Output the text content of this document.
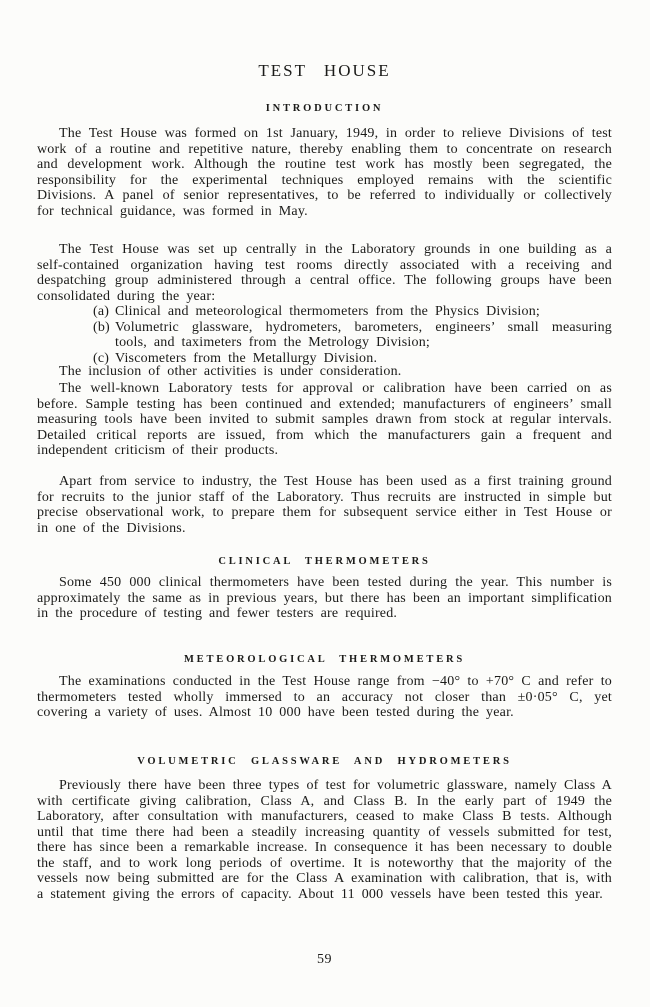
TEST HOUSE
INTRODUCTION

The Test House was formed on 1st January, 1949, in order to relieve Divisions of test work of a routine and repetitive nature, thereby enabling them to concentrate on research and development work. Although the routine test work has mostly been segregated, the responsibility for the experimental techniques employed remains with the scientific Divisions. A panel of senior representatives, to be referred to individually or collectively for technical guidance, was formed in May.

The Test House was set up centrally in the Laboratory grounds in one building as a self-contained organization having test rooms directly associated with a receiving and despatching group administered through a central office. The following groups have been consolidated during the year:

(a) Clinical and meteorological thermometers from the Physics Division;
(b) Volumetric glassware, hydrometers, barometers, engineers’ small measuring tools, and taximeters from the Metrology Division;
(c) Viscometers from the Metallurgy Division.

The inclusion of other activities is under consideration.

The well-known Laboratory tests for approval or calibration have been carried on as before. Sample testing has been continued and extended; manufacturers of engineers’ small measuring tools have been invited to submit samples drawn from stock at regular intervals. Detailed critical reports are issued, from which the manufacturers gain a frequent and independent criticism of their products.

Apart from service to industry, the Test House has been used as a first training ground for recruits to the junior staff of the Laboratory. Thus recruits are instructed in simple but precise observational work, to prepare them for subsequent service either in Test House or in one of the Divisions.

CLINICAL THERMOMETERS

Some 450 000 clinical thermometers have been tested during the year. This number is approximately the same as in previous years, but there has been an important simplification in the procedure of testing and fewer testers are required.

METEOROLOGICAL THERMOMETERS

The examinations conducted in the Test House range from −40° to +70° C and refer to thermometers tested wholly immersed to an accuracy not closer than ±0·05° C, yet covering a variety of uses. Almost 10 000 have been tested during the year.

VOLUMETRIC GLASSWARE AND HYDROMETERS

Previously there have been three types of test for volumetric glassware, namely Class A with certificate giving calibration, Class A, and Class B. In the early part of 1949 the Laboratory, after consultation with manufacturers, ceased to make Class B tests. Although until that time there had been a steadily increasing quantity of vessels submitted for test, there has since been a remarkable increase. In consequence it has been necessary to double the staff, and to work long periods of overtime. It is noteworthy that the majority of the vessels now being submitted are for the Class A examination with calibration, that is, with a statement giving the errors of capacity. About 11 000 vessels have been tested this year.

59
